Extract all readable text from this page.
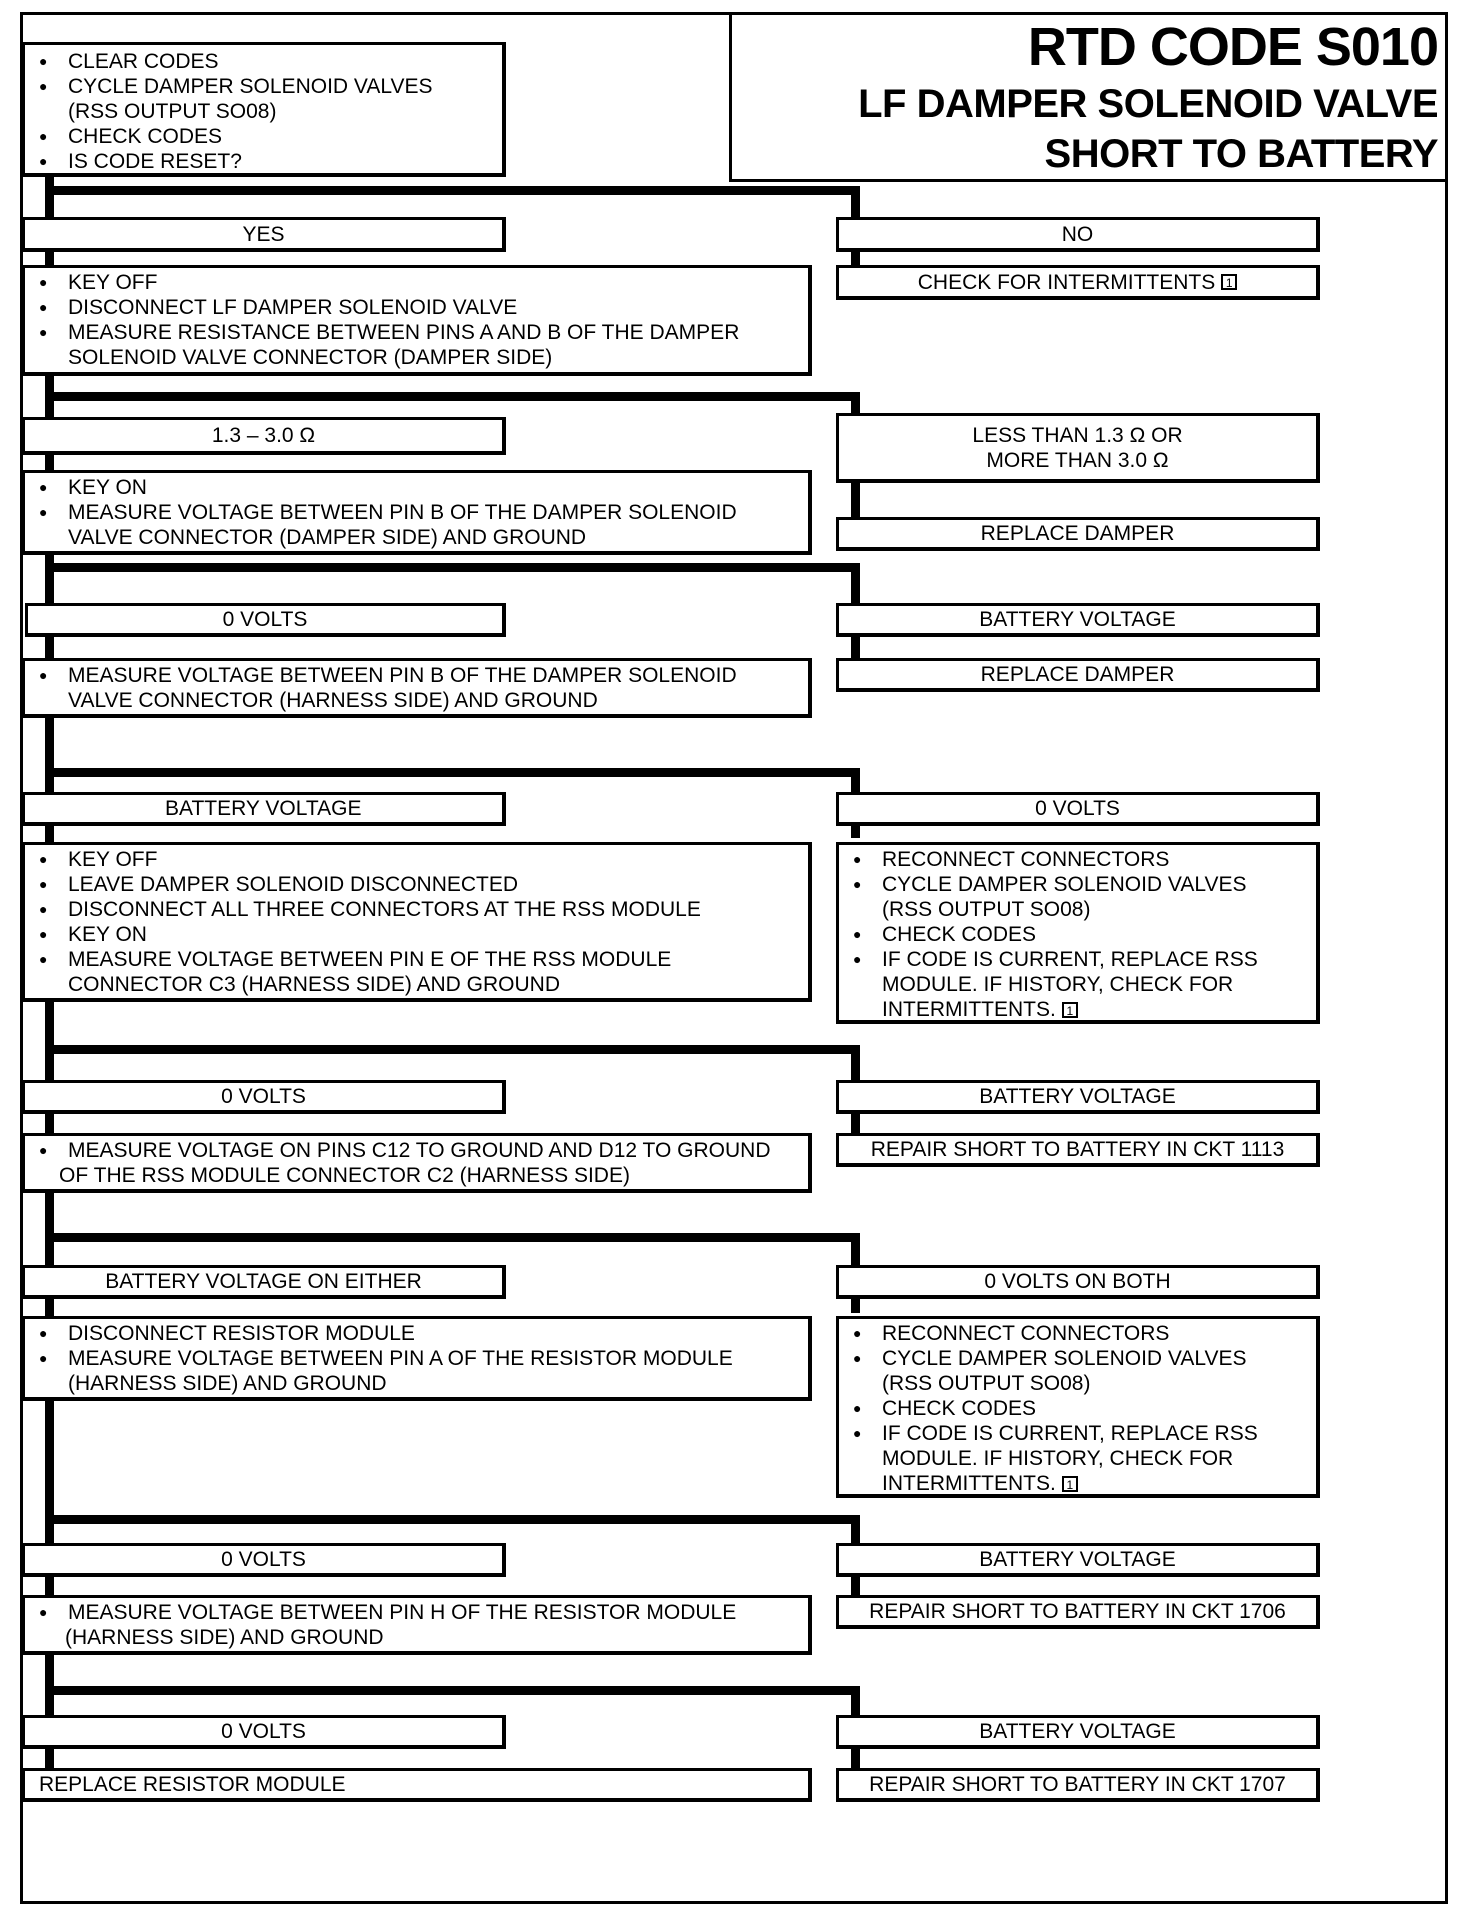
RTD CODE S010
LF DAMPER SOLENOID VALVE
SHORT TO BATTERY
● CLEAR CODES
● CYCLE DAMPER SOLENOID VALVES
(RSS OUTPUT SO08)
● CHECK CODES
● IS CODE RESET?
YES	NO
● KEY OFF
● DISCONNECT LF DAMPER SOLENOID VALVE
● MEASURE RESISTANCE BETWEEN PINS A AND B OF THE DAMPER
SOLENOID VALVE CONNECTOR (DAMPER SIDE)
CHECK FOR INTERMITTENTS 1
1.3 – 3.0 Ω	LESS THAN 1.3 Ω OR
MORE THAN 3.0 Ω
● KEY ON
● MEASURE VOLTAGE BETWEEN PIN B OF THE DAMPER SOLENOID
VALVE CONNECTOR (DAMPER SIDE) AND GROUND	REPLACE DAMPER
0 VOLTS	BATTERY VOLTAGE
● MEASURE VOLTAGE BETWEEN PIN B OF THE DAMPER SOLENOID
VALVE CONNECTOR (HARNESS SIDE) AND GROUND
REPLACE DAMPER
BATTERY VOLTAGE	0 VOLTS
● KEY OFF
● LEAVE DAMPER SOLENOID DISCONNECTED
● DISCONNECT ALL THREE CONNECTORS AT THE RSS MODULE
● KEY ON
● MEASURE VOLTAGE BETWEEN PIN E OF THE RSS MODULE
CONNECTOR C3 (HARNESS SIDE) AND GROUND
● RECONNECT CONNECTORS
● CYCLE DAMPER SOLENOID VALVES
(RSS OUTPUT SO08)
● CHECK CODES
● IF CODE IS CURRENT, REPLACE RSS
MODULE. IF HISTORY, CHECK FOR
INTERMITTENTS. 1
0 VOLTS	BATTERY VOLTAGE
● MEASURE VOLTAGE ON PINS C12 TO GROUND AND D12 TO GROUND
OF THE RSS MODULE CONNECTOR C2 (HARNESS SIDE)
REPAIR SHORT TO BATTERY IN CKT 1113
BATTERY VOLTAGE ON EITHER	0 VOLTS ON BOTH
● DISCONNECT RESISTOR MODULE
● MEASURE VOLTAGE BETWEEN PIN A OF THE RESISTOR MODULE
(HARNESS SIDE) AND GROUND
● RECONNECT CONNECTORS
● CYCLE DAMPER SOLENOID VALVES
(RSS OUTPUT SO08)
● CHECK CODES
● IF CODE IS CURRENT, REPLACE RSS
MODULE. IF HISTORY, CHECK FOR
INTERMITTENTS. 1
0 VOLTS	BATTERY VOLTAGE
● MEASURE VOLTAGE BETWEEN PIN H OF THE RESISTOR MODULE
(HARNESS SIDE) AND GROUND
REPAIR SHORT TO BATTERY IN CKT 1706
0 VOLTS	BATTERY VOLTAGE
REPLACE RESISTOR MODULE	REPAIR SHORT TO BATTERY IN CKT 1707
